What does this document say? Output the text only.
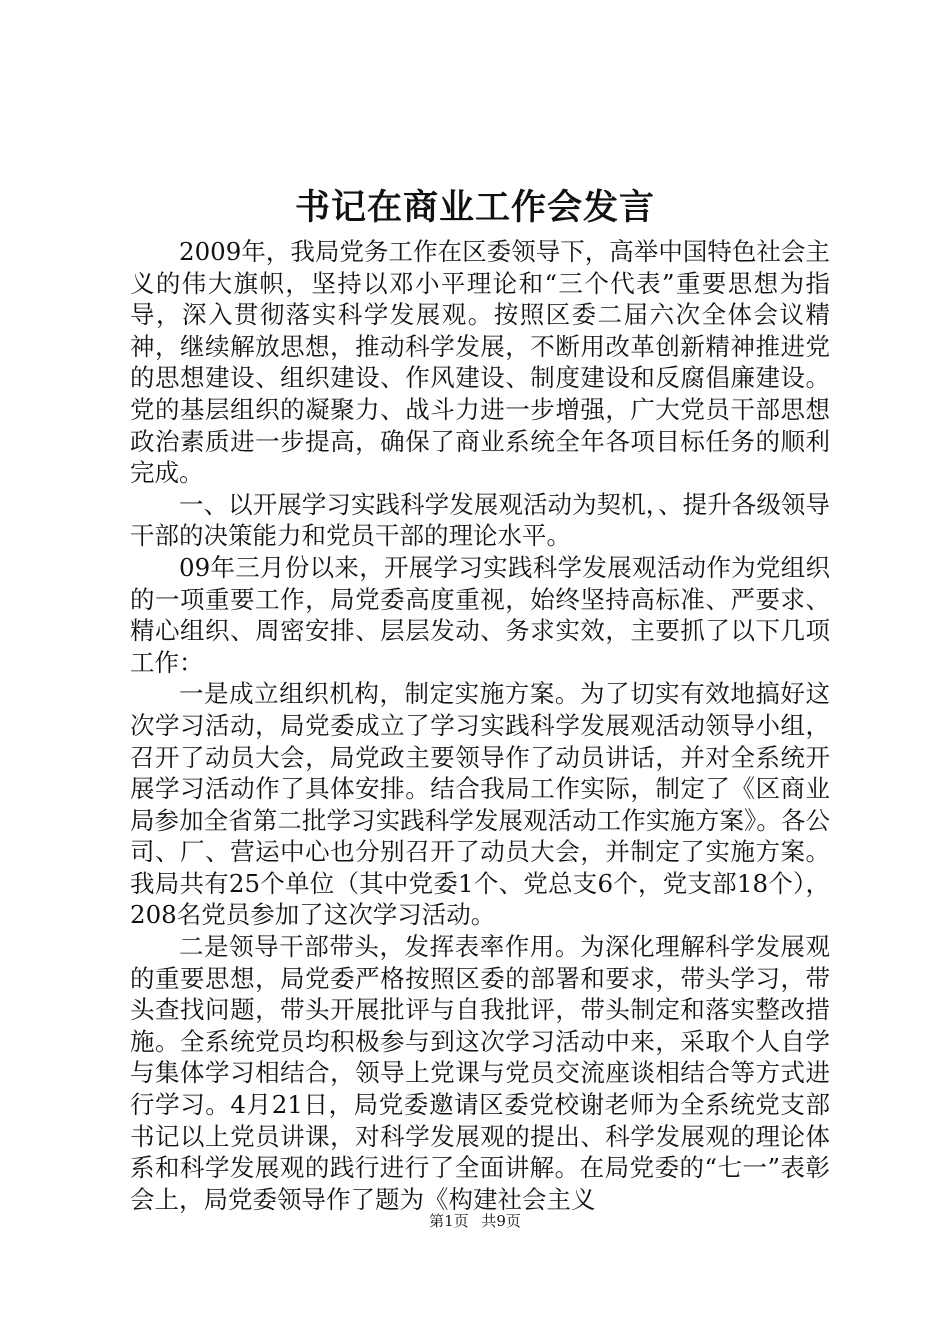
书记在商业工作会发言

2009年，我局党务工作在区委领导下，高举中国特色社会主义的伟大旗帜，坚持以邓小平理论和“三个代表”重要思想为指导，深入贯彻落实科学发展观。按照区委二届六次全体会议精神，继续解放思想，推动科学发展，不断用改革创新精神推进党的思想建设、组织建设、作风建设、制度建设和反腐倡廉建设。党的基层组织的凝聚力、战斗力进一步增强，广大党员干部思想政治素质进一步提高，确保了商业系统全年各项目标任务的顺利完成。

一、以开展学习实践科学发展观活动为契机，、提升各级领导干部的决策能力和党员干部的理论水平。

09年三月份以来，开展学习实践科学发展观活动作为党组织的一项重要工作，局党委高度重视，始终坚持高标准、严要求、精心组织、周密安排、层层发动、务求实效，主要抓了以下几项工作：

一是成立组织机构，制定实施方案。为了切实有效地搞好这次学习活动，局党委成立了学习实践科学发展观活动领导小组，召开了动员大会，局党政主要领导作了动员讲话，并对全系统开展学习活动作了具体安排。结合我局工作实际，制定了《区商业局参加全省第二批学习实践科学发展观活动工作实施方案》。各公司、厂、营运中心也分别召开了动员大会，并制定了实施方案。我局共有25个单位（其中党委1个、党总支6个，党支部18个），208名党员参加了这次学习活动。

二是领导干部带头，发挥表率作用。为深化理解科学发展观的重要思想，局党委严格按照区委的部署和要求，带头学习，带头查找问题，带头开展批评与自我批评，带头制定和落实整改措施。全系统党员均积极参与到这次学习活动中来，采取个人自学与集体学习相结合，领导上党课与党员交流座谈相结合等方式进行学习。4月21日，局党委邀请区委党校谢老师为全系统党支部书记以上党员讲课，对科学发展观的提出、科学发展观的理论体系和科学发展观的践行进行了全面讲解。在局党委的“七一”表彰会上，局党委领导作了题为《构建社会主义

第1页 共9页
